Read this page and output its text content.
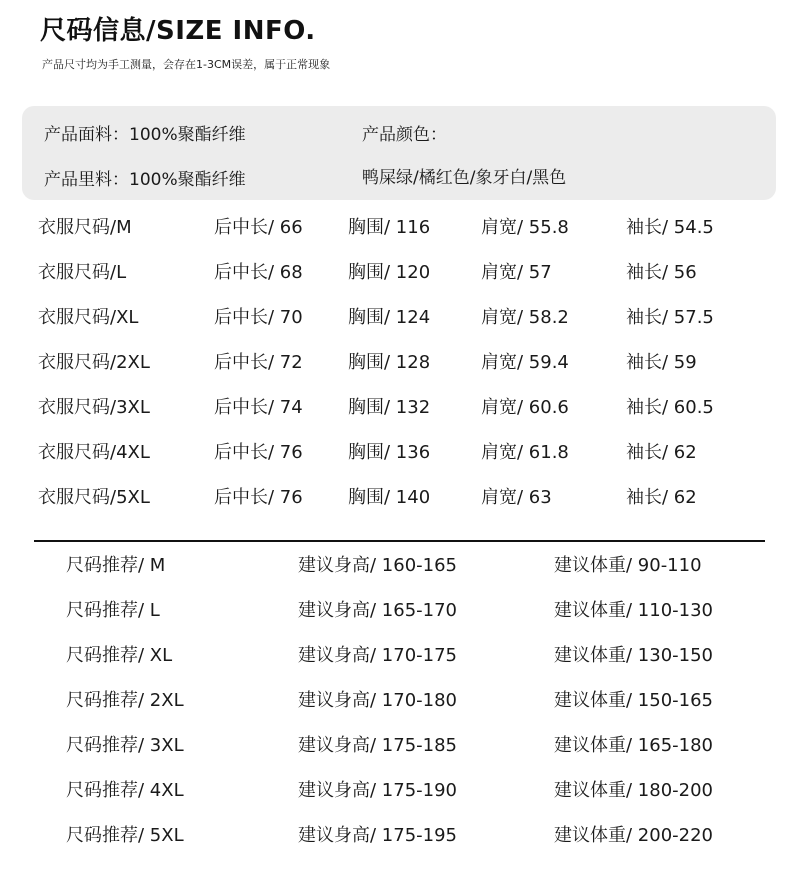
尺码信息/SIZE INFO.
产品尺寸均为手工测量，会存在1-3CM误差，属于正常现象
产品面料：100%聚酯纤维	产品颜色：
产品里料：100%聚酯纤维	鸭屎绿/橘红色/象牙白/黑色
衣服尺码/M	后中长/ 66	胸围/ 116	肩宽/ 55.8	袖长/ 54.5
衣服尺码/L	后中长/ 68	胸围/ 120	肩宽/ 57	袖长/ 56
衣服尺码/XL	后中长/ 70	胸围/ 124	肩宽/ 58.2	袖长/ 57.5
衣服尺码/2XL	后中长/ 72	胸围/ 128	肩宽/ 59.4	袖长/ 59
衣服尺码/3XL	后中长/ 74	胸围/ 132	肩宽/ 60.6	袖长/ 60.5
衣服尺码/4XL	后中长/ 76	胸围/ 136	肩宽/ 61.8	袖长/ 62
衣服尺码/5XL	后中长/ 76	胸围/ 140	肩宽/ 63	袖长/ 62
尺码推荐/ M	建议身高/ 160-165	建议体重/ 90-110
尺码推荐/ L	建议身高/ 165-170	建议体重/ 110-130
尺码推荐/ XL	建议身高/ 170-175	建议体重/ 130-150
尺码推荐/ 2XL	建议身高/ 170-180	建议体重/ 150-165
尺码推荐/ 3XL	建议身高/ 175-185	建议体重/ 165-180
尺码推荐/ 4XL	建议身高/ 175-190	建议体重/ 180-200
尺码推荐/ 5XL	建议身高/ 175-195	建议体重/ 200-220
